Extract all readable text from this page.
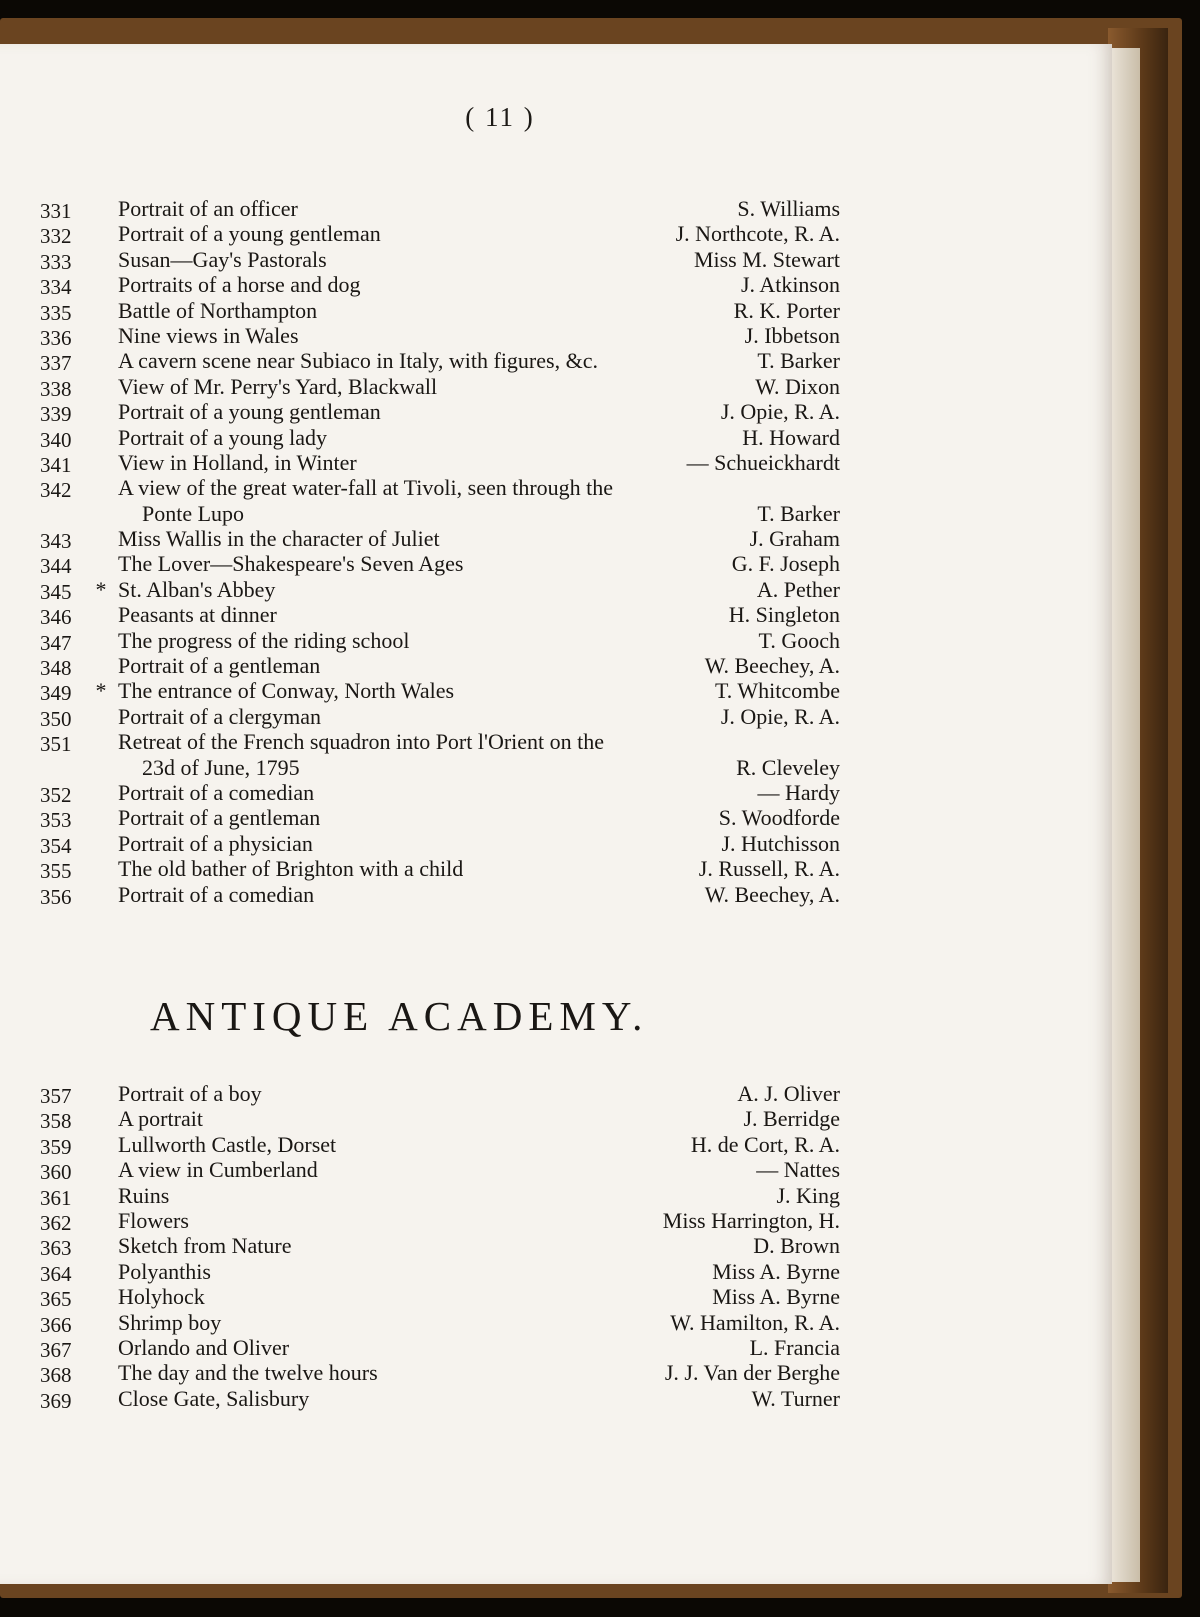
( 11 )
331	Portrait of an officer	S. Williams
332	Portrait of a young gentleman	J. Northcote, R. A.
333	Susan—Gay's Pastorals	Miss M. Stewart
334	Portraits of a horse and dog	J. Atkinson
335	Battle of Northampton	R. K. Porter
336	Nine views in Wales	J. Ibbetson
337	A cavern scene near Subiaco in Italy, with figures, &c.	T. Barker
338	View of Mr. Perry's Yard, Blackwall	W. Dixon
339	Portrait of a young gentleman	J. Opie, R. A.
340	Portrait of a young lady	H. Howard
341	View in Holland, in Winter	— Schueickhardt
342	A view of the great water-fall at Tivoli, seen through the
Ponte Lupo	T. Barker
343	Miss Wallis in the character of Juliet	J. Graham
344	The Lover—Shakespeare's Seven Ages	G. F. Joseph
345	* St. Alban's Abbey	A. Pether
346	Peasants at dinner	H. Singleton
347	The progress of the riding school	T. Gooch
348	Portrait of a gentleman	W. Beechey, A.
349	* The entrance of Conway, North Wales	T. Whitcombe
350	Portrait of a clergyman	J. Opie, R. A.
351	Retreat of the French squadron into Port l'Orient on the
23d of June, 1795	R. Cleveley
352	Portrait of a comedian	— Hardy
353	Portrait of a gentleman	S. Woodforde
354	Portrait of a physician	J. Hutchisson
355	The old bather of Brighton with a child	J. Russell, R. A.
356	Portrait of a comedian	W. Beechey, A.
ANTIQUE ACADEMY.
357	Portrait of a boy	A. J. Oliver
358	A portrait	J. Berridge
359	Lullworth Castle, Dorset	H. de Cort, R. A.
360	A view in Cumberland	— Nattes
361	Ruins	J. King
362	Flowers	Miss Harrington, H.
363	Sketch from Nature	D. Brown
364	Polyanthis	Miss A. Byrne
365	Holyhock	Miss A. Byrne
366	Shrimp boy	W. Hamilton, R. A.
367	Orlando and Oliver	L. Francia
368	The day and the twelve hours	J. J. Van der Berghe
369	Close Gate, Salisbury	W. Turner
